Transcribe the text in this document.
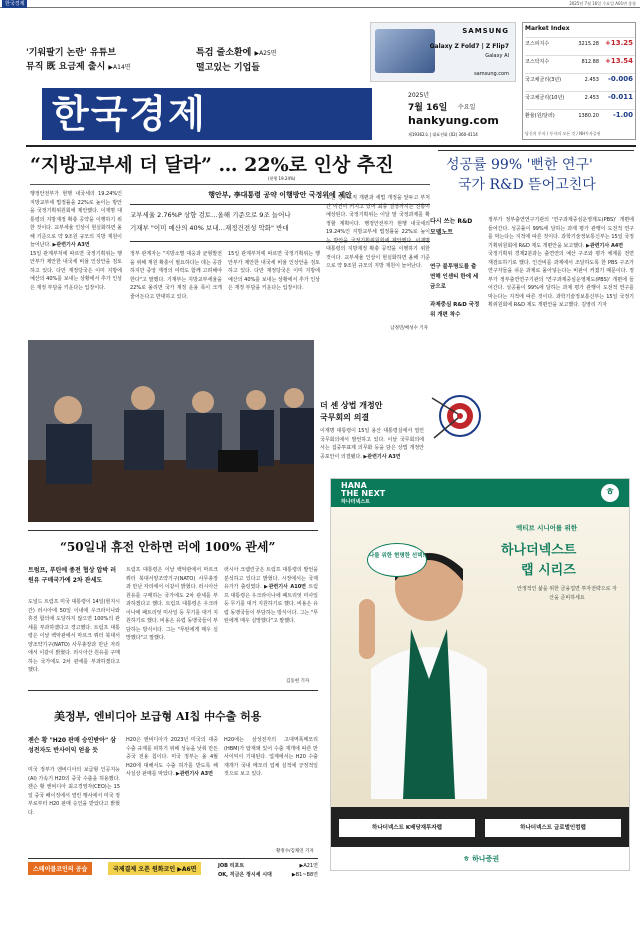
한국경제	2025년 7월 16일 수요일 A01면 종합
'기워팔기 논란' 유튜브
뮤직 既 요금제 출시 ▶A14면
특검 줄소환에 ▶A25면
떨고있는 기업들
SAMSUNG
Galaxy Z Fold7 | Z Flip7
Galaxy AI
samsung.com
Market Index
코스피지수	3215.28 +13.25
코스닥지수	812.88 +13.54
국고채금리(3년)	2.453 -0.006
국고채금리(10년)	2.453 -0.011
환율(원/달러)	1380.20 -1.00
당신의 투자 / 투자의 모든 것 / NH투자증권
한국경제	2025년
7월 16일 수요일
hankyung.com
제19362호 | 대표전화 (02) 360-4114
“지방교부세 더 달라” … 22%로 인상 추진
(현행 19.24%)
행정안전부가 현행 내국세의 19.24%인 지방교부세 법정률을 22%로 높이는 방안을 국정기획위원회에 제안했다. 이재명 대통령의 지방재정 확충 공약을 이행하기 위한 것이다. 교부세율 인상이 현실화하면 올해 기준으로 약 9조원 규모의 지방 재원이 늘어난다. ▶관련기사 A3면
15일 관계부처에 따르면 국정기획위는 행안부가 제안한 내국세 비율 인상안을 검토하고 있다. 다만 재정당국은 이미 지방에 예산의 40%를 보내는 상황에서 추가 인상은 재정 부담을 키운다는 입장이다.
행안부, 李대통령 공약 이행방안 국정위에 제안
교부세율 2.76%P 상향 검토…올해 기준으로 9조 늘어나
기재부 "이미 예산의 40% 보내…재정건전성 악화" 반대
정부 관계자는 "지방소멸 대응과 균형발전을 위해 재원 확충이 필요하다는 데는 공감하지만 중앙 재정의 여력도 함께 고려해야 한다"고 말했다. 기재부는 지방교부세율을 22%로 올리면 국가 재정 운용 폭이 크게 줄어든다고 반대하고 있다.
15일 관계부처에 따르면 국정기획위는 행안부가 제안한 내국세 비율 인상안을 검토하고 있다. 다만 재정당국은 이미 지방에 예산의 40%를 보내는 상황에서 추가 인상은 재정 부담을 키운다는 입장이다.
오는 정부조직 개편과 세법 개정을 앞두고 부처 간 이견이 커지고 있어 최종 결정까지는 진통이 예상된다. 국정기획위는 이달 말 국정과제를 확정할 계획이다. 행정안전부가 현행 내국세의 19.24%인 지방교부세 법정률을 22%로 높이는 방안을 국정기획위원회에 제안했다. 이재명 대통령의 지방재정 확충 공약을 이행하기 위한 것이다. 교부세율 인상이 현실화하면 올해 기준으로 약 9조원 규모의 지방 재원이 늘어난다.
남정민/배성수 기자
성공률 99% '뻔한 연구'
국가 R&D 뜯어고친다
다시 쓰는 R&D 모델노트
연구 불투명도를 출연해 인센티 한에 세금으로
과제중심 R&D 국정위 개편 착수
정부가 정부출연연구기관의 '연구과제중심운영제도(PBS)' 개편에 들어간다. 성공률이 99%에 달하는 과제 평가 관행이 도전적 연구를 막는다는 지적에 따른 것이다. 과학기술정보통신부는 15일 국정기획위원회에 R&D 제도 개편안을 보고했다. ▶관련기사 A4면
국정기획위 경제2분과는 출연연의 예산 구조와 평가 체계를 전면 재검토하기로 했다. 인건비를 과제에서 조달하도록 한 PBS 구조가 연구자들을 쉬운 과제로 몰아넣는다는 비판이 커졌기 때문이다. 정부가 정부출연연구기관의 '연구과제중심운영제도(PBS)' 개편에 들어간다. 성공률이 99%에 달하는 과제 평가 관행이 도전적 연구를 막는다는 지적에 따른 것이다. 과학기술정보통신부는 15일 국정기획위원회에 R&D 제도 개편안을 보고했다. 김영리 기자
더 센 상법 개정안
국무회의 의결
이재명 대통령이 15일 용산 대통령실에서 열린 국무회의에서 발언하고 있다. 이날 국무회의에서는 집중투표제 의무화 등을 담은 상법 개정안 공포안이 의결됐다. ▶관련기사 A3면
“50일내 휴전 안하면 러에 100% 관세”
트럼프, 푸틴에 종전 협상 압박 러 원유 구매국가에 2차 관세도
도널드 트럼프 미국 대통령이 14일(현지시간) 러시아에 50일 이내에 우크라이나와 휴전 합의에 도달하지 않으면 100%의 관세를 부과하겠다고 경고했다. 트럼프 대통령은 이날 백악관에서 마르크 뤼터 북대서양조약기구(NATO) 사무총장과 만난 자리에서 이같이 밝혔다. 러시아산 원유를 구매하는 국가에도 2차 관세를 부과하겠다고 했다.
트럼프 대통령은 이날 백악관에서 마르크 뤼터 북대서양조약기구(NATO) 사무총장과 만난 자리에서 이같이 밝혔다. 러시아산 원유를 구매하는 국가에도 2차 관세를 부과하겠다고 했다. 트럼프 대통령은 우크라이나에 패트리엇 미사일 등 무기를 대거 지원하기로 했다. 비용은 유럽 동맹국들이 부담하는 방식이다. 그는 "푸틴에게 매우 실망했다"고 말했다.
러시아 크렘린궁은 트럼프 대통령의 발언을 분석하고 있다고 밝혔다. 시장에서는 국제유가가 출렁였다. ▶관련기사 A10면 트럼프 대통령은 우크라이나에 패트리엇 미사일 등 무기를 대거 지원하기로 했다. 비용은 유럽 동맹국들이 부담하는 방식이다. 그는 "푸틴에게 매우 실망했다"고 말했다.
김동현 기자
美정부, 엔비디아 보급형 AI칩 中수출 허용
젠슨 황 "H20 판매 승인받아" 삼성전자도 반사이익 얻을 듯
미국 정부가 엔비디아의 보급형 인공지능(AI) 가속기 H20의 중국 수출을 허용했다. 젠슨 황 엔비디아 최고경영자(CEO)는 15일 중국 베이징에서 열린 행사에서 미국 정부로부터 H20 판매 승인을 받았다고 밝혔다.
H20은 엔비디아가 2023년 미국의 대중 수출 규제를 피하기 위해 성능을 낮춰 만든 중국 전용 칩이다. 미국 정부는 올 4월 H20에 대해서도 수출 허가를 받도록 해 사실상 판매를 막았다. ▶관련기사 A3면
H20에는 삼성전자의 고대역폭메모리(HBM)가 탑재돼 있어 수출 재개에 따른 반사이익이 기대된다. 업계에서는 H20 수출 재개가 국내 메모리 업체 실적에 긍정적일 것으로 보고 있다.
황정수/김채연 기자
스테이블코인의 공습	국제결제 오픈 원화코인 ▶A6면	JOB 리포트	▶A21면
OK, 직금은 정시세 시대	▶B1~B8면
HANA
THE NEXT
하나더넥스트
ㅎ
나를 위한 현명한 선택!
액티브 시니어를 위한
하나더넥스트
랩 시리즈
안정적인 삶을 위한 금융업면 투자전략으로 자산을 준비하세요
하나더넥스트 K배당재투자랩	하나더넥스트 글로벌인컴랩
ㅎ 하나증권
